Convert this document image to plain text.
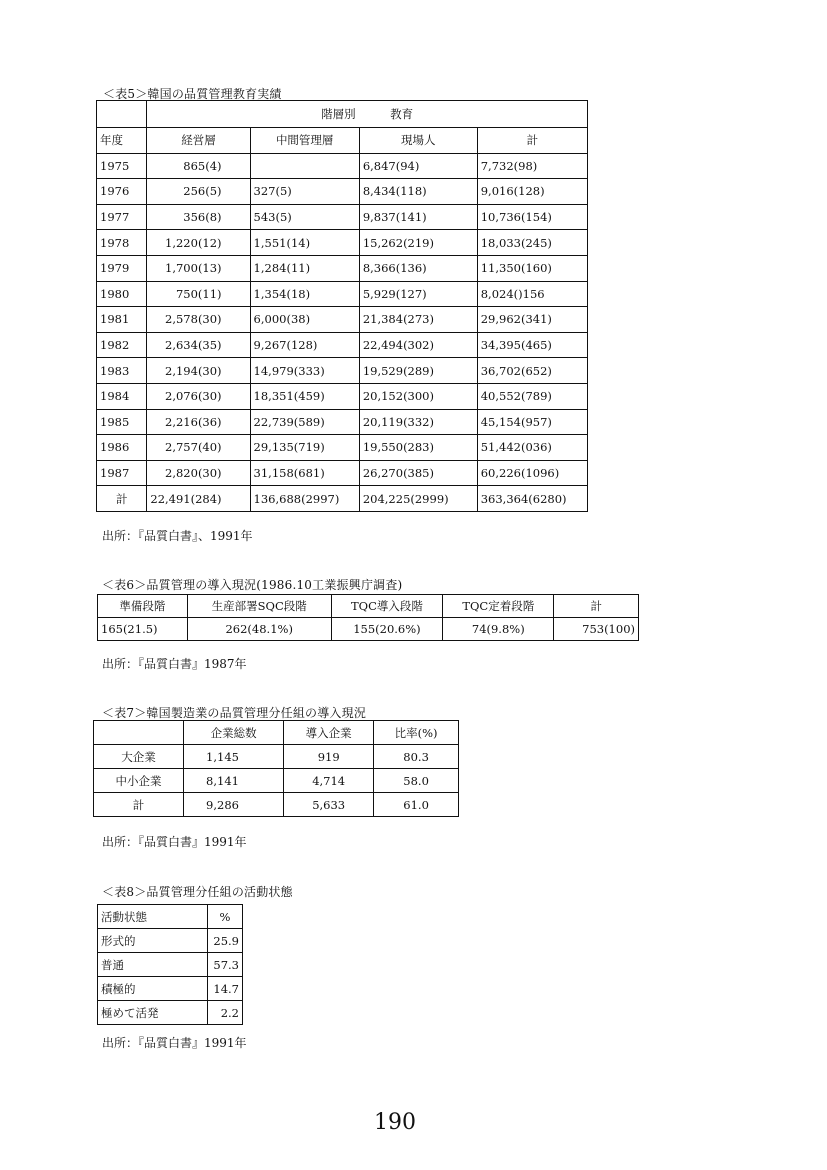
＜表5＞韓国の品質管理教育実績
	階層別　　　教育			
年度	経営層	中間管理層	現場人	計
1975	865(4)		6,847(94)	7,732(98)
1976	256(5)	327(5)	8,434(118)	9,016(128)
1977	356(8)	543(5)	9,837(141)	10,736(154)
1978	1,220(12)	1,551(14)	15,262(219)	18,033(245)
1979	1,700(13)	1,284(11)	8,366(136)	11,350(160)
1980	750(11)	1,354(18)	5,929(127)	8,024()156
1981	2,578(30)	6,000(38)	21,384(273)	29,962(341)
1982	2,634(35)	9,267(128)	22,494(302)	34,395(465)
1983	2,194(30)	14,979(333)	19,529(289)	36,702(652)
1984	2,076(30)	18,351(459)	20,152(300)	40,552(789)
1985	2,216(36)	22,739(589)	20,119(332)	45,154(957)
1986	2,757(40)	29,135(719)	19,550(283)	51,442(036)
1987	2,820(30)	31,158(681)	26,270(385)	60,226(1096)
計	22,491(284)	136,688(2997)	204,225(2999)	363,364(6280)
出所：『品質白書』、1991年
＜表6＞品質管理の導入現況(1986.10工業振興庁調査)
準備段階	生産部署SQC段階	TQC導入段階	TQC定着段階	計
165(21.5)	262(48.1%)	155(20.6%)	74(9.8%)	753(100)
出所：『品質白書』1987年
＜表7＞韓国製造業の品質管理分任組の導入現況
	企業総数	導入企業	比率(%)
大企業	1,145	919	80.3
中小企業	8,141	4,714	58.0
計	9,286	5,633	61.0
出所：『品質白書』1991年
＜表8＞品質管理分任組の活動状態
活動状態	%
形式的	25.9
普通	57.3
積極的	14.7
極めて活発	2.2
出所：『品質白書』1991年
190
